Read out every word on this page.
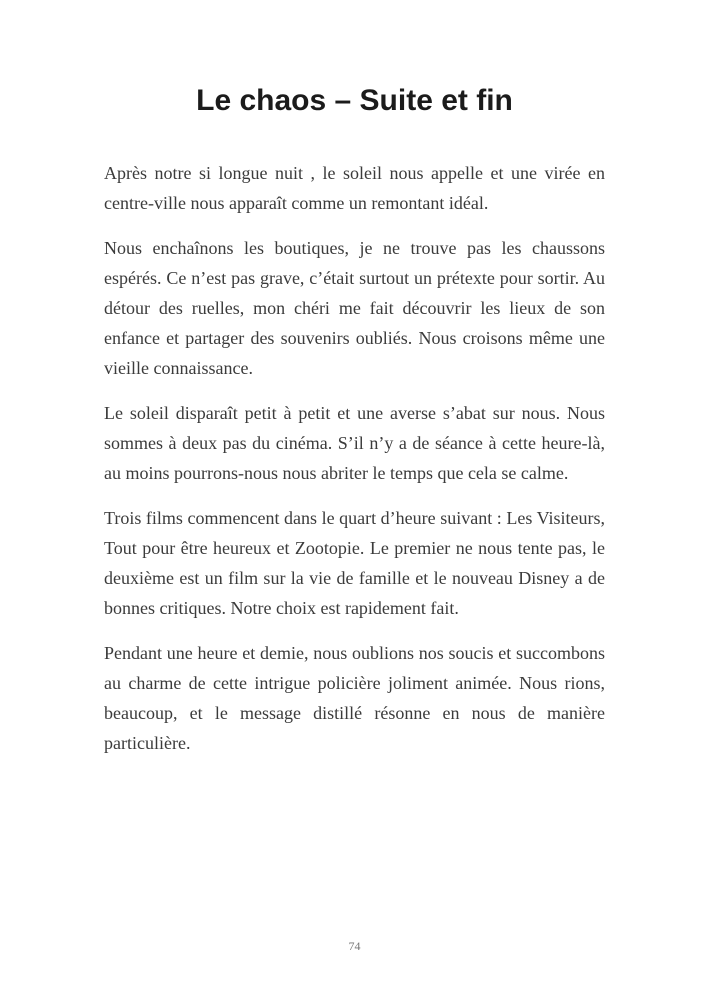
Le chaos – Suite et fin

Après notre si longue nuit , le soleil nous appelle et une virée en centre-ville nous apparaît comme un remontant idéal.

Nous enchaînons les boutiques, je ne trouve pas les chaussons espérés. Ce n’est pas grave, c’était surtout un prétexte pour sortir. Au détour des ruelles, mon chéri me fait découvrir les lieux de son enfance et partager des souvenirs oubliés. Nous croisons même une vieille connaissance.

Le soleil disparaît petit à petit et une averse s’abat sur nous. Nous sommes à deux pas du cinéma. S’il n’y a de séance à cette heure-là, au moins pourrons-nous nous abriter le temps que cela se calme.

Trois films commencent dans le quart d’heure suivant : Les Visiteurs, Tout pour être heureux et Zootopie. Le premier ne nous tente pas, le deuxième est un film sur la vie de famille et le nouveau Disney a de bonnes critiques. Notre choix est rapidement fait.

Pendant une heure et demie, nous oublions nos soucis et succombons au charme de cette intrigue policière joliment animée. Nous rions, beaucoup, et le message distillé résonne en nous de manière particulière.

74
